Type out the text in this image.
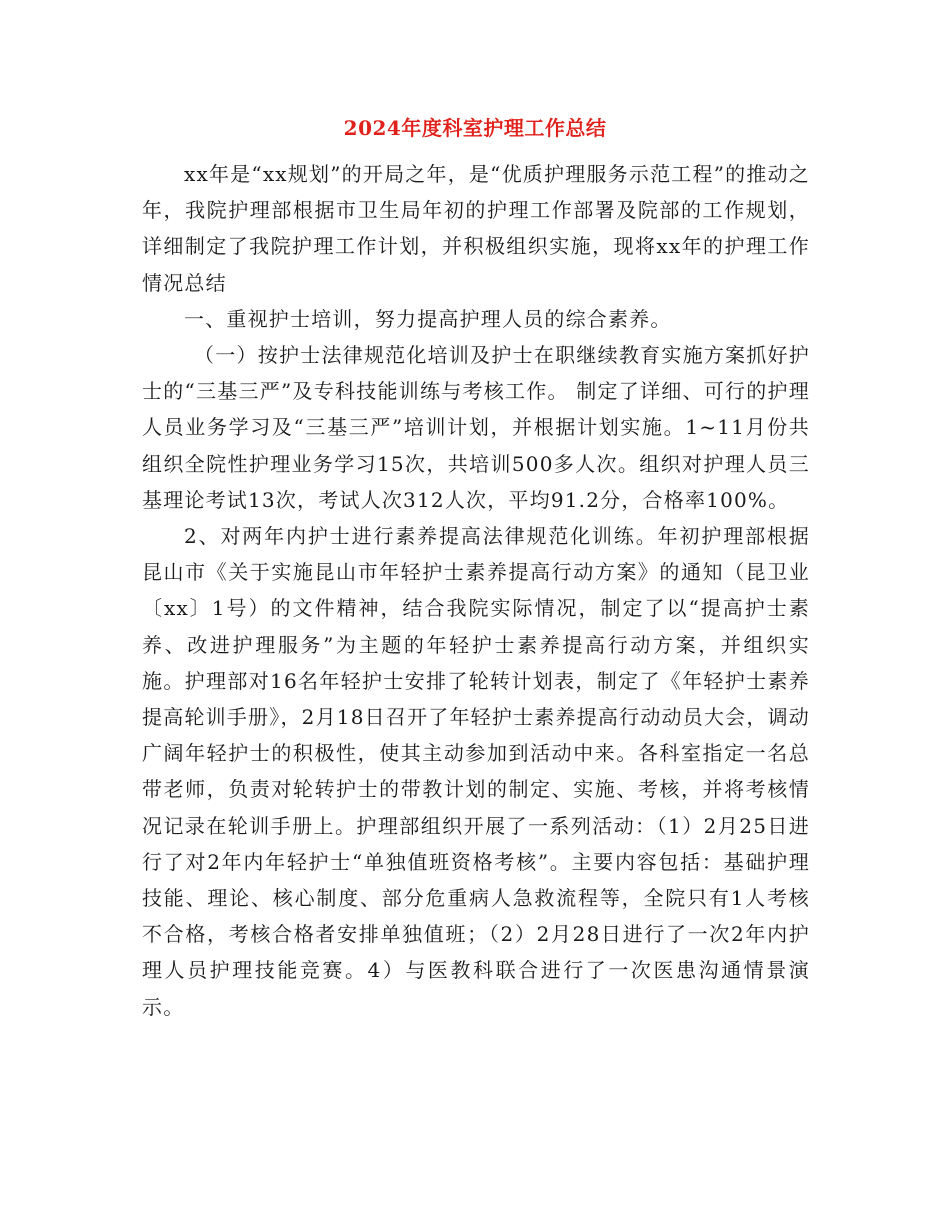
2024年度科室护理工作总结

xx年是“xx规划”的开局之年，是“优质护理服务示范工程”的推动之年，我院护理部根据市卫生局年初的护理工作部署及院部的工作规划，详细制定了我院护理工作计划，并积极组织实施，现将xx年的护理工作情况总结

一、重视护士培训，努力提高护理人员的综合素养。

（一）按护士法律规范化培训及护士在职继续教育实施方案抓好护士的“三基三严”及专科技能训练与考核工作。 制定了详细、可行的护理人员业务学习及“三基三严”培训计划，并根据计划实施。1~11月份共组织全院性护理业务学习15次，共培训500多人次。组织对护理人员三基理论考试13次，考试人次312人次，平均91.2分，合格率100%。

2、对两年内护士进行素养提高法律规范化训练。年初护理部根据昆山市《关于实施昆山市年轻护士素养提高行动方案》的通知（昆卫业〔xx〕1号）的文件精神，结合我院实际情况，制定了以“提高护士素养、改进护理服务”为主题的年轻护士素养提高行动方案，并组织实施。护理部对16名年轻护士安排了轮转计划表，制定了《年轻护士素养提高轮训手册》，2月18日召开了年轻护士素养提高行动动员大会，调动广阔年轻护士的积极性，使其主动参加到活动中来。各科室指定一名总带老师，负责对轮转护士的带教计划的制定、实施、考核，并将考核情况记录在轮训手册上。护理部组织开展了一系列活动：（1）2月25日进行了对2年内年轻护士“单独值班资格考核”。主要内容包括：基础护理技能、理论、核心制度、部分危重病人急救流程等，全院只有1人考核不合格，考核合格者安排单独值班；（2）2月28日进行了一次2年内护理人员护理技能竞赛。4）与医教科联合进行了一次医患沟通情景演示。
